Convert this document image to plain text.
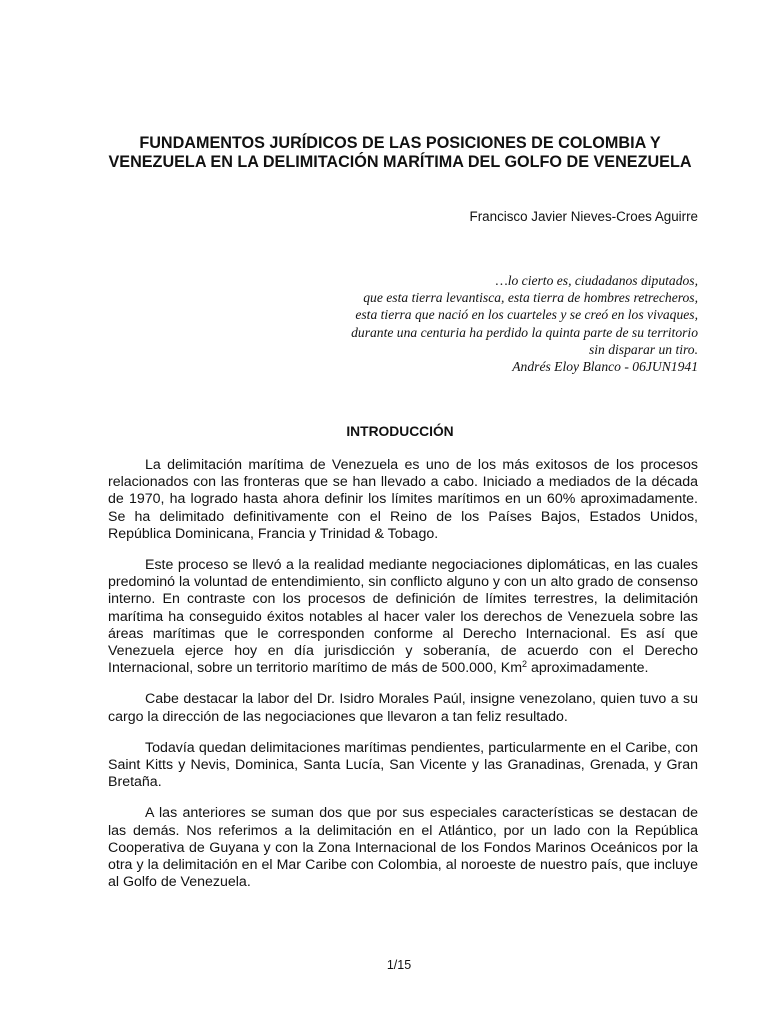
FUNDAMENTOS JURÍDICOS DE LAS POSICIONES DE COLOMBIA Y VENEZUELA EN LA DELIMITACIÓN MARÍTIMA DEL GOLFO DE VENEZUELA
Francisco Javier Nieves-Croes Aguirre
…lo cierto es, ciudadanos diputados,
que esta tierra levantisca, esta tierra de hombres retrecheros,
esta tierra que nació en los cuarteles y se creó en los vivaques,
durante una centuria ha perdido la quinta parte de su territorio
sin disparar un tiro.
Andrés Eloy Blanco - 06JUN1941
INTRODUCCIÓN

La delimitación marítima de Venezuela es uno de los más exitosos de los procesos relacionados con las fronteras que se han llevado a cabo. Iniciado a mediados de la década de 1970, ha logrado hasta ahora definir los límites marítimos en un 60% aproximadamente. Se ha delimitado definitivamente con el Reino de los Países Bajos, Estados Unidos, República Dominicana, Francia y Trinidad & Tobago.

Este proceso se llevó a la realidad mediante negociaciones diplomáticas, en las cuales predominó la voluntad de entendimiento, sin conflicto alguno y con un alto grado de consenso interno. En contraste con los procesos de definición de límites terrestres, la delimitación marítima ha conseguido éxitos notables al hacer valer los derechos de Venezuela sobre las áreas marítimas que le corresponden conforme al Derecho Internacional. Es así que Venezuela ejerce hoy en día jurisdicción y soberanía, de acuerdo con el Derecho Internacional, sobre un territorio marítimo de más de 500.000, Km$^2$ aproximadamente.

Cabe destacar la labor del Dr. Isidro Morales Paúl, insigne venezolano, quien tuvo a su cargo la dirección de las negociaciones que llevaron a tan feliz resultado.

Todavía quedan delimitaciones marítimas pendientes, particularmente en el Caribe, con Saint Kitts y Nevis, Dominica, Santa Lucía, San Vicente y las Granadinas, Grenada, y Gran Bretaña.

A las anteriores se suman dos que por sus especiales características se destacan de las demás. Nos referimos a la delimitación en el Atlántico, por un lado con la República Cooperativa de Guyana y con la Zona Internacional de los Fondos Marinos Oceánicos por la otra y la delimitación en el Mar Caribe con Colombia, al noroeste de nuestro país, que incluye al Golfo de Venezuela.

1/15
